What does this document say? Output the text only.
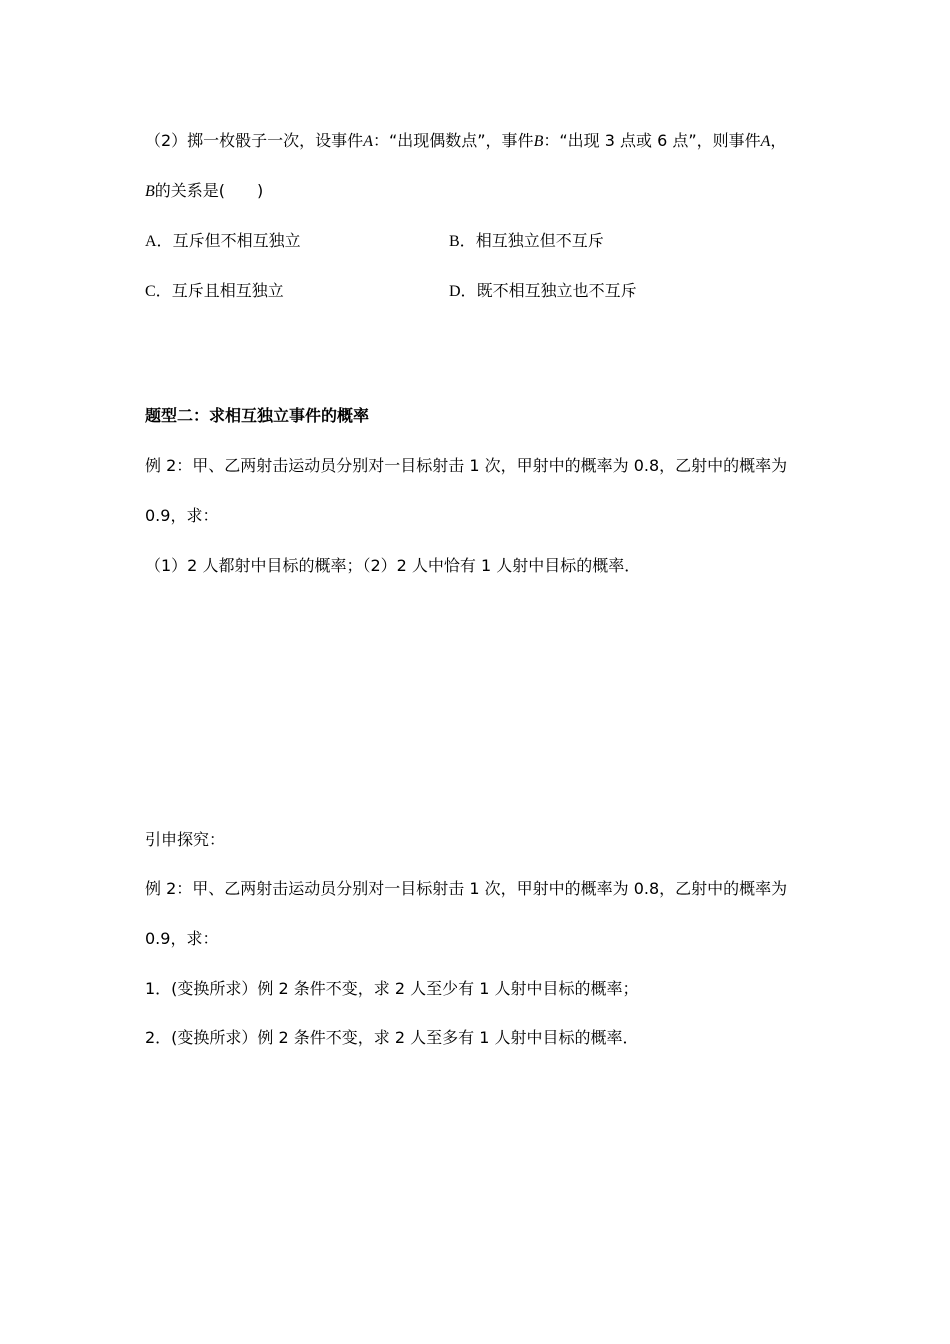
（2）掷一枚骰子一次，设事件A：“出现偶数点”，事件B：“出现 3 点或 6 点”，则事件A，
B的关系是(　　)
A．互斥但不相互独立	B．相互独立但不互斥
C．互斥且相互独立	D．既不相互独立也不互斥
题型二：求相互独立事件的概率
例 2：甲、乙两射击运动员分别对一目标射击 1 次，甲射中的概率为 0.8，乙射中的概率为
0.9，求：
（1）2 人都射中目标的概率；（2）2 人中恰有 1 人射中目标的概率．
引申探究：
例 2：甲、乙两射击运动员分别对一目标射击 1 次，甲射中的概率为 0.8，乙射中的概率为
0.9，求：
1．(变换所求）例 2 条件不变，求 2 人至少有 1 人射中目标的概率；
2．(变换所求）例 2 条件不变，求 2 人至多有 1 人射中目标的概率．
